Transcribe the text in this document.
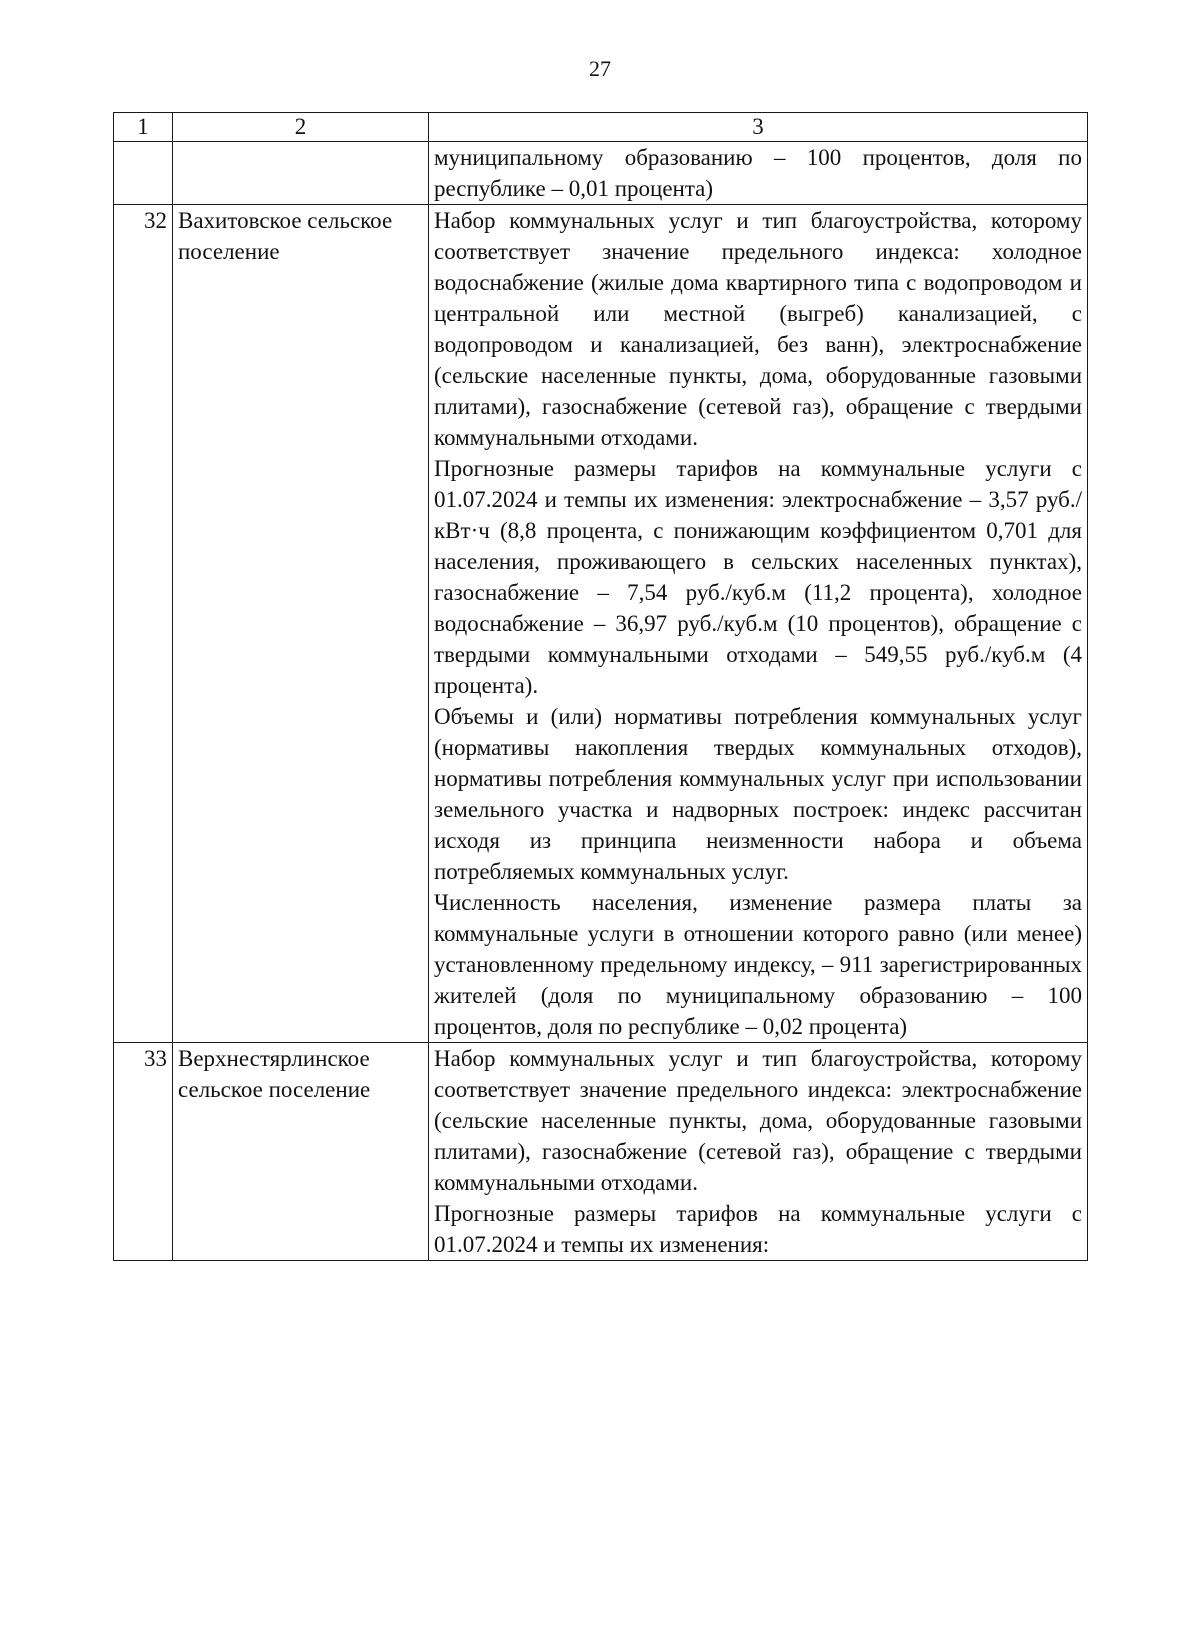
27
1	2	3

		муниципальному образованию – 100 процентов, доля по республике – 0,01 процента)

32	Вахитовское сельское поселение	Набор коммунальных услуг и тип благоустройства, которому соответствует значение предельного индекса: холодное водоснабжение (жилые дома квартирного типа с водопроводом и центральной или местной (выгреб) канализацией, с водопроводом и канализацией, без ванн), электроснабжение (сельские населенные пункты, дома, оборудованные газовыми плитами), газоснабжение (сетевой газ), обращение с твердыми коммунальными отходами.

Прогнозные размеры тарифов на коммунальные услуги с 01.07.2024 и темпы их изменения: электроснабжение – 3,57 руб./кВт·ч (8,8 процента, с понижающим коэффициентом 0,701 для населения, проживающего в сельских населенных пунктах), газоснабжение – 7,54 руб./куб.м (11,2 процента), холодное водоснабжение – 36,97 руб./куб.м (10 процентов), обращение с твердыми коммунальными отходами – 549,55 руб./куб.м (4 процента).

Объемы и (или) нормативы потребления коммунальных услуг (нормативы накопления твердых коммунальных отходов), нормативы потребления коммунальных услуг при использовании земельного участка и надворных построек: индекс рассчитан исходя из принципа неизменности набора и объема потребляемых коммунальных услуг.

Численность населения, изменение размера платы за коммунальные услуги в отношении которого равно (или менее) установленному предельному индексу, – 911 зарегистрированных жителей (доля по муниципальному образованию – 100 процентов, доля по республике – 0,02 процента)

33	Верхнестярлинское сельское поселение	Набор коммунальных услуг и тип благоустройства, которому соответствует значение предельного индекса: электроснабжение (сельские населенные пункты, дома, оборудованные газовыми плитами), газоснабжение (сетевой газ), обращение с твердыми коммунальными отходами.

Прогнозные размеры тарифов на коммунальные услуги с 01.07.2024 и темпы их изменения:
